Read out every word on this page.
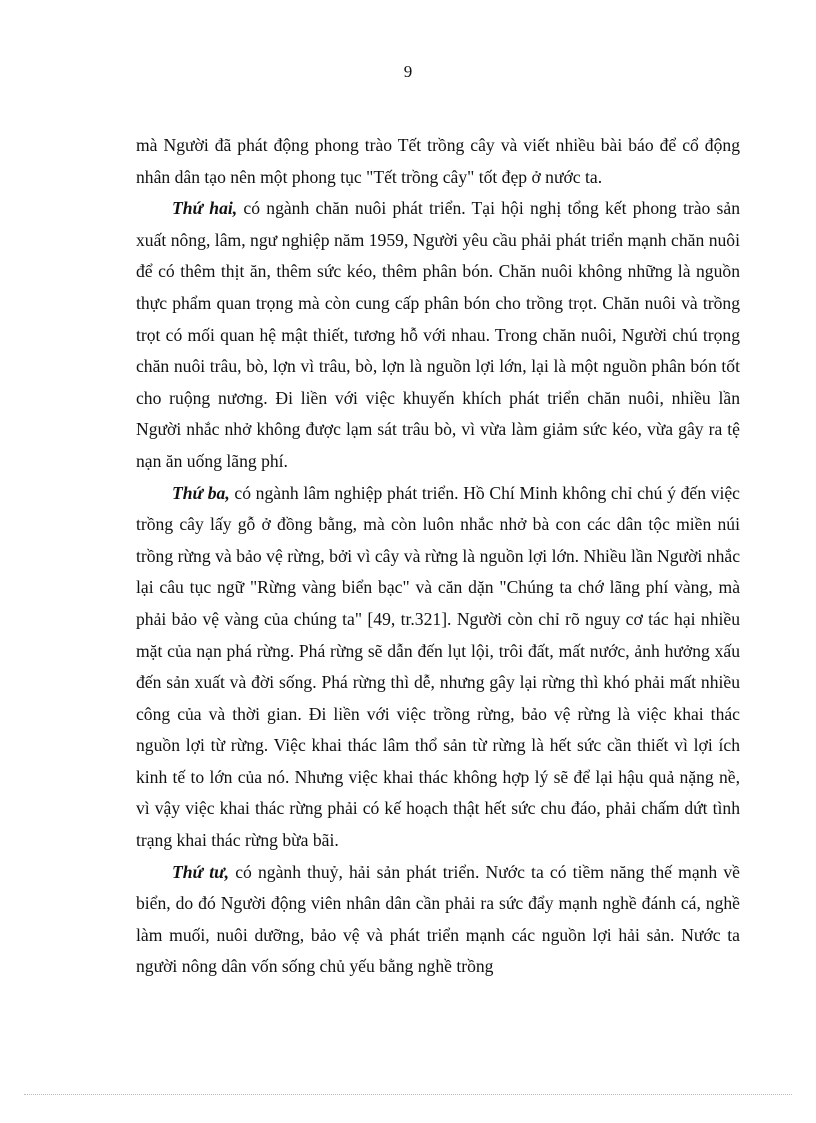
9

mà Người đã phát động phong trào Tết trồng cây và viết nhiều bài báo để cổ động nhân dân tạo nên một phong tục "Tết trồng cây" tốt đẹp ở nước ta.

Thứ hai, có ngành chăn nuôi phát triển. Tại hội nghị tổng kết phong trào sản xuất nông, lâm, ngư nghiệp năm 1959, Người yêu cầu phải phát triển mạnh chăn nuôi để có thêm thịt ăn, thêm sức kéo, thêm phân bón. Chăn nuôi không những là nguồn thực phẩm quan trọng mà còn cung cấp phân bón cho trồng trọt. Chăn nuôi và trồng trọt có mối quan hệ mật thiết, tương hỗ với nhau. Trong chăn nuôi, Người chú trọng chăn nuôi trâu, bò, lợn vì trâu, bò, lợn là nguồn lợi lớn, lại là một nguồn phân bón tốt cho ruộng nương. Đi liền với việc khuyến khích phát triển chăn nuôi, nhiều lần Người nhắc nhở không được lạm sát trâu bò, vì vừa làm giảm sức kéo, vừa gây ra tệ nạn ăn uống lãng phí.

Thứ ba, có ngành lâm nghiệp phát triển. Hồ Chí Minh không chỉ chú ý đến việc trồng cây lấy gỗ ở đồng bằng, mà còn luôn nhắc nhở bà con các dân tộc miền núi trồng rừng và bảo vệ rừng, bởi vì cây và rừng là nguồn lợi lớn. Nhiều lần Người nhắc lại câu tục ngữ "Rừng vàng biển bạc" và căn dặn "Chúng ta chớ lãng phí vàng, mà phải bảo vệ vàng của chúng ta" [49, tr.321]. Người còn chỉ rõ nguy cơ tác hại nhiều mặt của nạn phá rừng. Phá rừng sẽ dẫn đến lụt lội, trôi đất, mất nước, ảnh hưởng xấu đến sản xuất và đời sống. Phá rừng thì dễ, nhưng gây lại rừng thì khó phải mất nhiều công của và thời gian. Đi liền với việc trồng rừng, bảo vệ rừng là việc khai thác nguồn lợi từ rừng. Việc khai thác lâm thổ sản từ rừng là hết sức cần thiết vì lợi ích kinh tế to lớn của nó. Nhưng việc khai thác không hợp lý sẽ để lại hậu quả nặng nề, vì vậy việc khai thác rừng phải có kế hoạch thật hết sức chu đáo, phải chấm dứt tình trạng khai thác rừng bừa bãi.

Thứ tư, có ngành thuỷ, hải sản phát triển. Nước ta có tiềm năng thế mạnh về biển, do đó Người động viên nhân dân cần phải ra sức đẩy mạnh nghề đánh cá, nghề làm muối, nuôi dưỡng, bảo vệ và phát triển mạnh các nguồn lợi hải sản. Nước ta người nông dân vốn sống chủ yếu bằng nghề trồng
